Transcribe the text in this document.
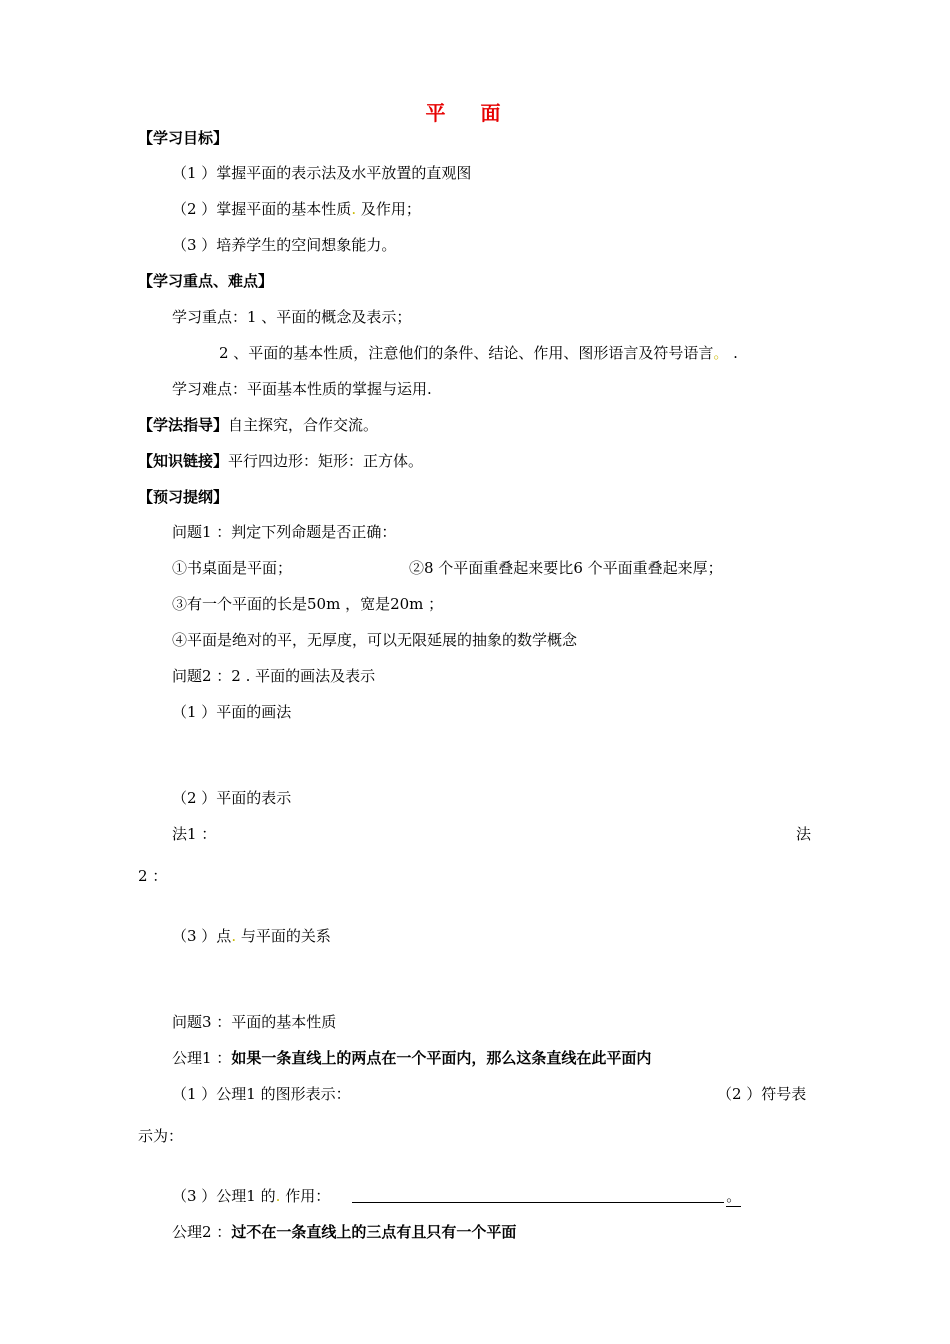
平 面
【学习目标】
（1 ）掌握平面的表示法及水平放置的直观图
（2 ）掌握平面的基本性质. 及作用；
（3 ）培养学生的空间想象能力。
【学习重点、难点】
学习重点：1 、平面的概念及表示；
2 、平面的基本性质，注意他们的条件、结论、作用、图形语言及符号语言。 .
学习难点：平面基本性质的掌握与运用.
【学法指导】自主探究，合作交流。
【知识链接】平行四边形：矩形：正方体。
【预习提纲】
问题1 ：判定下列命题是否正确：
①书桌面是平面；	②8 个平面重叠起来要比6 个平面重叠起来厚；
③有一个平面的长是50m ，宽是20m ；
④平面是绝对的平，无厚度，可以无限延展的抽象的数学概念
问题2 ：2 . 平面的画法及表示
（1 ）平面的画法
（2 ）平面的表示
法1 ：	法
2 ：
（3 ）点. 与平面的关系
问题3 ：平面的基本性质
公理1 ：如果一条直线上的两点在一个平面内，那么这条直线在此平面内
（1 ）公理1 的图形表示：	（2 ）符号表
示为：
（3 ）公理1 的. 作用：	。
公理2 ：过不在一条直线上的三点有且只有一个平面
